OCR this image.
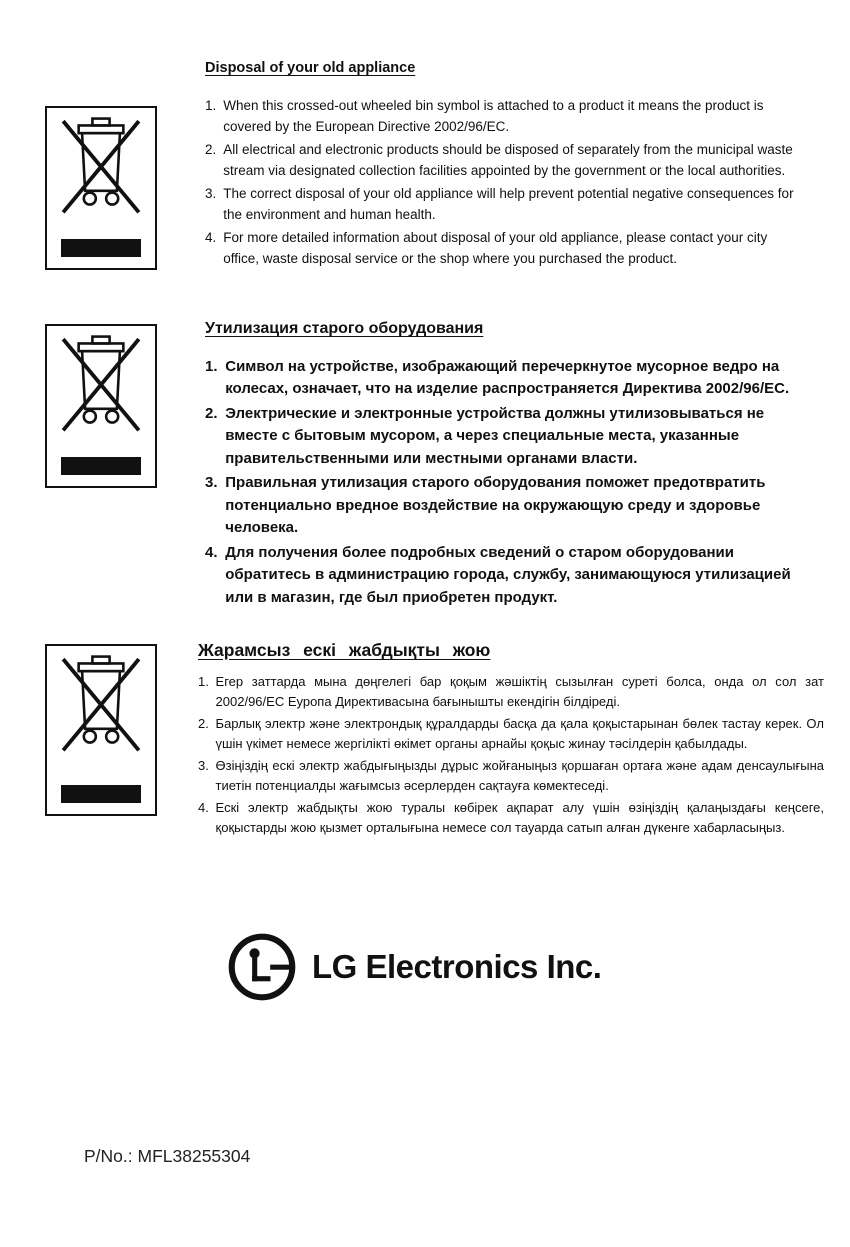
Disposal of your old appliance
1. When this crossed-out wheeled bin symbol is attached to a product it means the product is covered by the European Directive 2002/96/EC.
2. All electrical and electronic products should be disposed of separately from the municipal waste stream via designated collection facilities appointed by the government or the local authorities.
3. The correct disposal of your old appliance will help prevent potential negative consequences for the environment and human health.
4. For more detailed information about disposal of your old appliance, please contact your city office, waste disposal service or the shop where you purchased the product.
Утилизация старого оборудования
1. Символ на устройстве, изображающий перечеркнутое мусорное ведро на колесах, означает, что на изделие распространяется Директива 2002/96/EC.
2. Электрические и электронные устройства должны утилизовываться не вместе с бытовым мусором, а через специальные места, указанные правительственными или местными органами власти.
3. Правильная утилизация старого оборудования поможет предотвратить потенциально вредное воздействие на окружающую среду и здоровье человека.
4. Для получения более подробных сведений о старом оборудовании обратитесь в администрацию города, службу, занимающуюся утилизацией или в магазин, где был приобретен продукт.
Жарамсыз ескі жабдықты жою
1. Егер заттарда мына дөңгелегі бар қоқым жәшіктің сызылған суреті болса, онда ол сол зат 2002/96/EC Еуропа Директивасына бағынышты екендігін білдіреді.
2. Барлық электр және электрондық құралдарды басқа да қала қоқыстарынан бөлек тастау керек. Ол үшін үкімет немесе жергілікті өкімет органы арнайы қоқыс жинау тәсілдерін қабылдады.
3. Өзіңіздің ескі электр жабдығыңызды дұрыс жойғаныңыз қоршаған ортаға және адам денсаулығына тиетін потенциалды жағымсыз әсерлерден сақтауға көмектеседі.
4. Ескі электр жабдықты жою туралы көбірек ақпарат алу үшін өзіңіздің қалаңыздағы кеңсеге, қоқыстарды жою қызмет орталығына немесе сол тауарда сатып алған дүкенге хабарласыңыз.
LG Electronics Inc.
P/No.: MFL38255304
